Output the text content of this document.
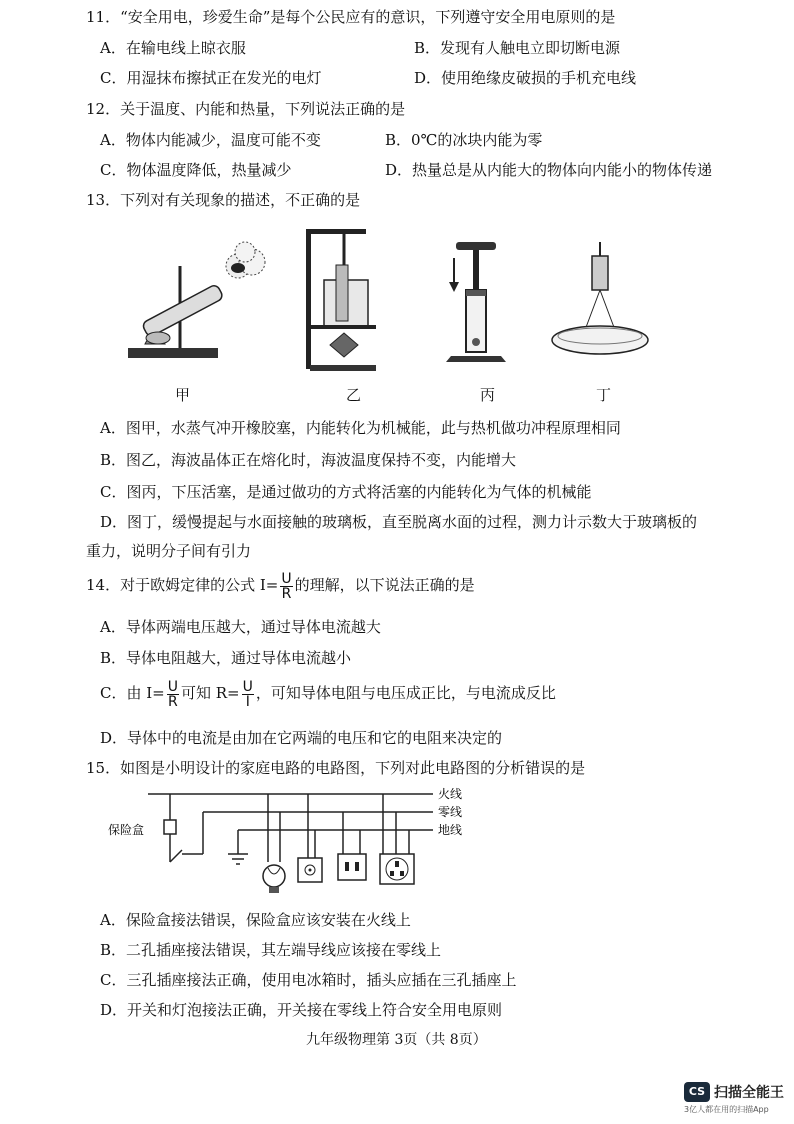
11．“安全用电，珍爱生命”是每个公民应有的意识，下列遵守安全用电原则的是
A．在输电线上晾衣服	B．发现有人触电立即切断电源
C．用湿抹布擦拭正在发光的电灯	D．使用绝缘皮破损的手机充电线
12．关于温度、内能和热量，下列说法正确的是
A．物体内能减少，温度可能不变	B．0℃的冰块内能为零
C．物体温度降低，热量减少	D．热量总是从内能大的物体向内能小的物体传递
13．下列对有关现象的描述，不正确的是
甲	乙	丙	丁
A．图甲，水蒸气冲开橡胶塞，内能转化为机械能，此与热机做功冲程原理相同
B．图乙，海波晶体正在熔化时，海波温度保持不变，内能增大
C．图丙，下压活塞，是通过做功的方式将活塞的内能转化为气体的机械能
D．图丁，缓慢提起与水面接触的玻璃板，直至脱离水面的过程，测力计示数大于玻璃板的
重力，说明分子间有引力
14．对于欧姆定律的公式 $I= \frac{U}{R}$ 的理解，以下说法正确的是
A．导体两端电压越大，通过导体电流越大
B．导体电阻越大，通过导体电流越小
C．由 $I= \frac{U}{R}$ 可知 $R= \frac{U}{I}$ ，可知导体电阻与电压成正比，与电流成反比
D．导体中的电流是由加在它两端的电压和它的电阻来决定的
15．如图是小明设计的家庭电路的电路图，下列对此电路图的分析错误的是
火线
零线
地线
保险盒
A．保险盒接法错误，保险盒应该安装在火线上
B．二孔插座接法错误，其左端导线应该接在零线上
C．三孔插座接法正确，使用电冰箱时，插头应插在三孔插座上
D．开关和灯泡接法正确，开关接在零线上符合安全用电原则
九年级物理第 3页（共 8页）
CS 扫描全能王
3亿人都在用的扫描App
